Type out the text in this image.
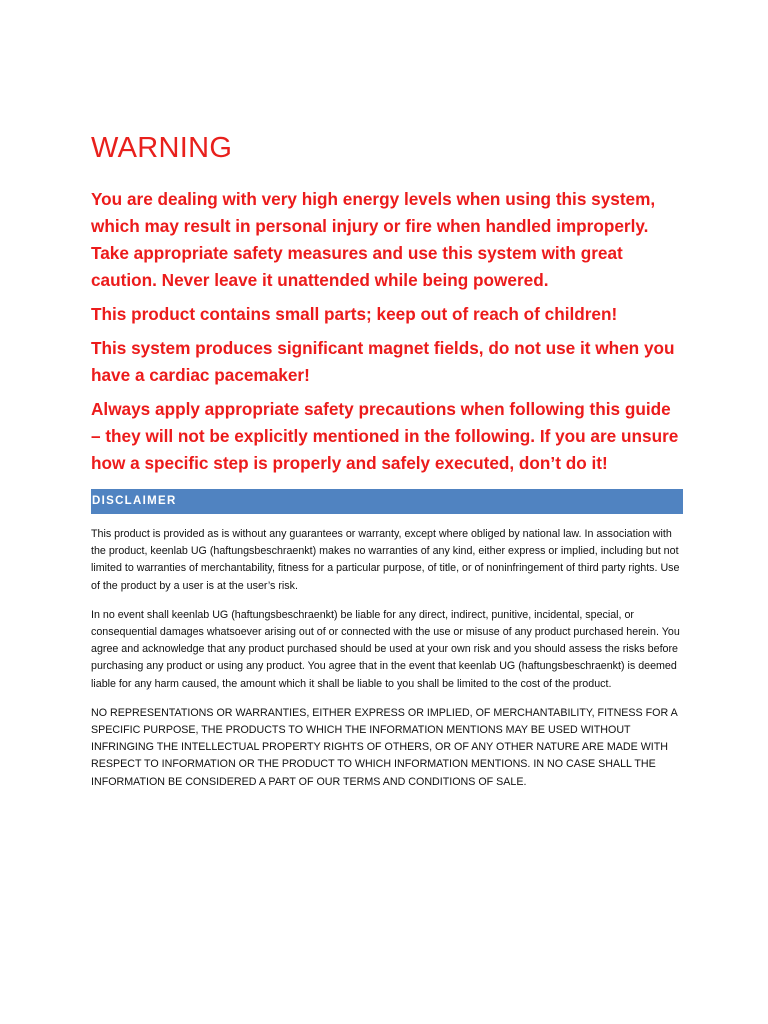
WARNING

You are dealing with very high energy levels when using this system, which may result in personal injury or fire when handled improperly. Take appropriate safety measures and use this system with great caution. Never leave it unattended while being powered.

This product contains small parts; keep out of reach of children!

This system produces significant magnet fields, do not use it when you have a cardiac pacemaker!

Always apply appropriate safety precautions when following this guide – they will not be explicitly mentioned in the following. If you are unsure how a specific step is properly and safely executed, don’t do it!

DISCLAIMER

This product is provided as is without any guarantees or warranty, except where obliged by national law. In association with the product, keenlab UG (haftungsbeschraenkt) makes no warranties of any kind, either express or implied, including but not limited to warranties of merchantability, fitness for a particular purpose, of title, or of noninfringement of third party rights. Use of the product by a user is at the user’s risk.

In no event shall keenlab UG (haftungsbeschraenkt) be liable for any direct, indirect, punitive, incidental, special, or consequential damages whatsoever arising out of or connected with the use or misuse of any product purchased herein. You agree and acknowledge that any product purchased should be used at your own risk and you should assess the risks before purchasing any product or using any product. You agree that in the event that keenlab UG (haftungsbeschraenkt) is deemed liable for any harm caused, the amount which it shall be liable to you shall be limited to the cost of the product.

NO REPRESENTATIONS OR WARRANTIES, EITHER EXPRESS OR IMPLIED, OF MERCHANTABILITY, FITNESS FOR A SPECIFIC PURPOSE, THE PRODUCTS TO WHICH THE INFORMATION MENTIONS MAY BE USED WITHOUT INFRINGING THE INTELLECTUAL PROPERTY RIGHTS OF OTHERS, OR OF ANY OTHER NATURE ARE MADE WITH RESPECT TO INFORMATION OR THE PRODUCT TO WHICH INFORMATION MENTIONS. IN NO CASE SHALL THE INFORMATION BE CONSIDERED A PART OF OUR TERMS AND CONDITIONS OF SALE.
